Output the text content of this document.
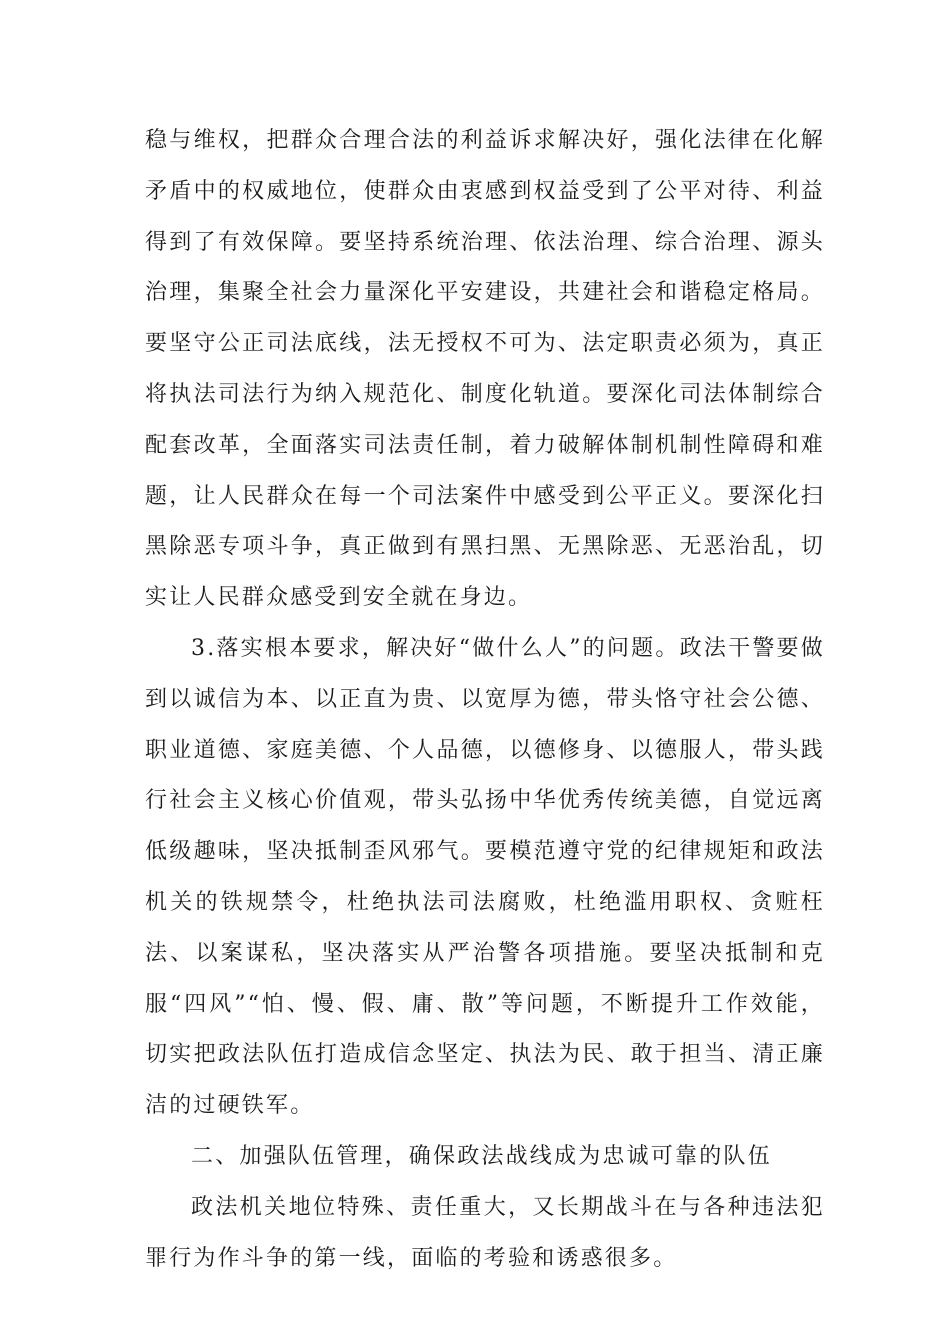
稳与维权，把群众合理合法的利益诉求解决好，强化法律在化解矛盾中的权威地位，使群众由衷感到权益受到了公平对待、利益得到了有效保障。要坚持系统治理、依法治理、综合治理、源头治理，集聚全社会力量深化平安建设，共建社会和谐稳定格局。要坚守公正司法底线，法无授权不可为、法定职责必须为，真正将执法司法行为纳入规范化、制度化轨道。要深化司法体制综合配套改革，全面落实司法责任制，着力破解体制机制性障碍和难题，让人民群众在每一个司法案件中感受到公平正义。要深化扫黑除恶专项斗争，真正做到有黑扫黑、无黑除恶、无恶治乱，切实让人民群众感受到安全就在身边。

3.落实根本要求，解决好“做什么人”的问题。政法干警要做到以诚信为本、以正直为贵、以宽厚为德，带头恪守社会公德、职业道德、家庭美德、个人品德，以德修身、以德服人，带头践行社会主义核心价值观，带头弘扬中华优秀传统美德，自觉远离低级趣味，坚决抵制歪风邪气。要模范遵守党的纪律规矩和政法机关的铁规禁令，杜绝执法司法腐败，杜绝滥用职权、贪赃枉法、以案谋私，坚决落实从严治警各项措施。要坚决抵制和克服“四风”“怕、慢、假、庸、散”等问题，不断提升工作效能，切实把政法队伍打造成信念坚定、执法为民、敢于担当、清正廉洁的过硬铁军。

二、加强队伍管理，确保政法战线成为忠诚可靠的队伍

政法机关地位特殊、责任重大，又长期战斗在与各种违法犯罪行为作斗争的第一线，面临的考验和诱惑很多。
